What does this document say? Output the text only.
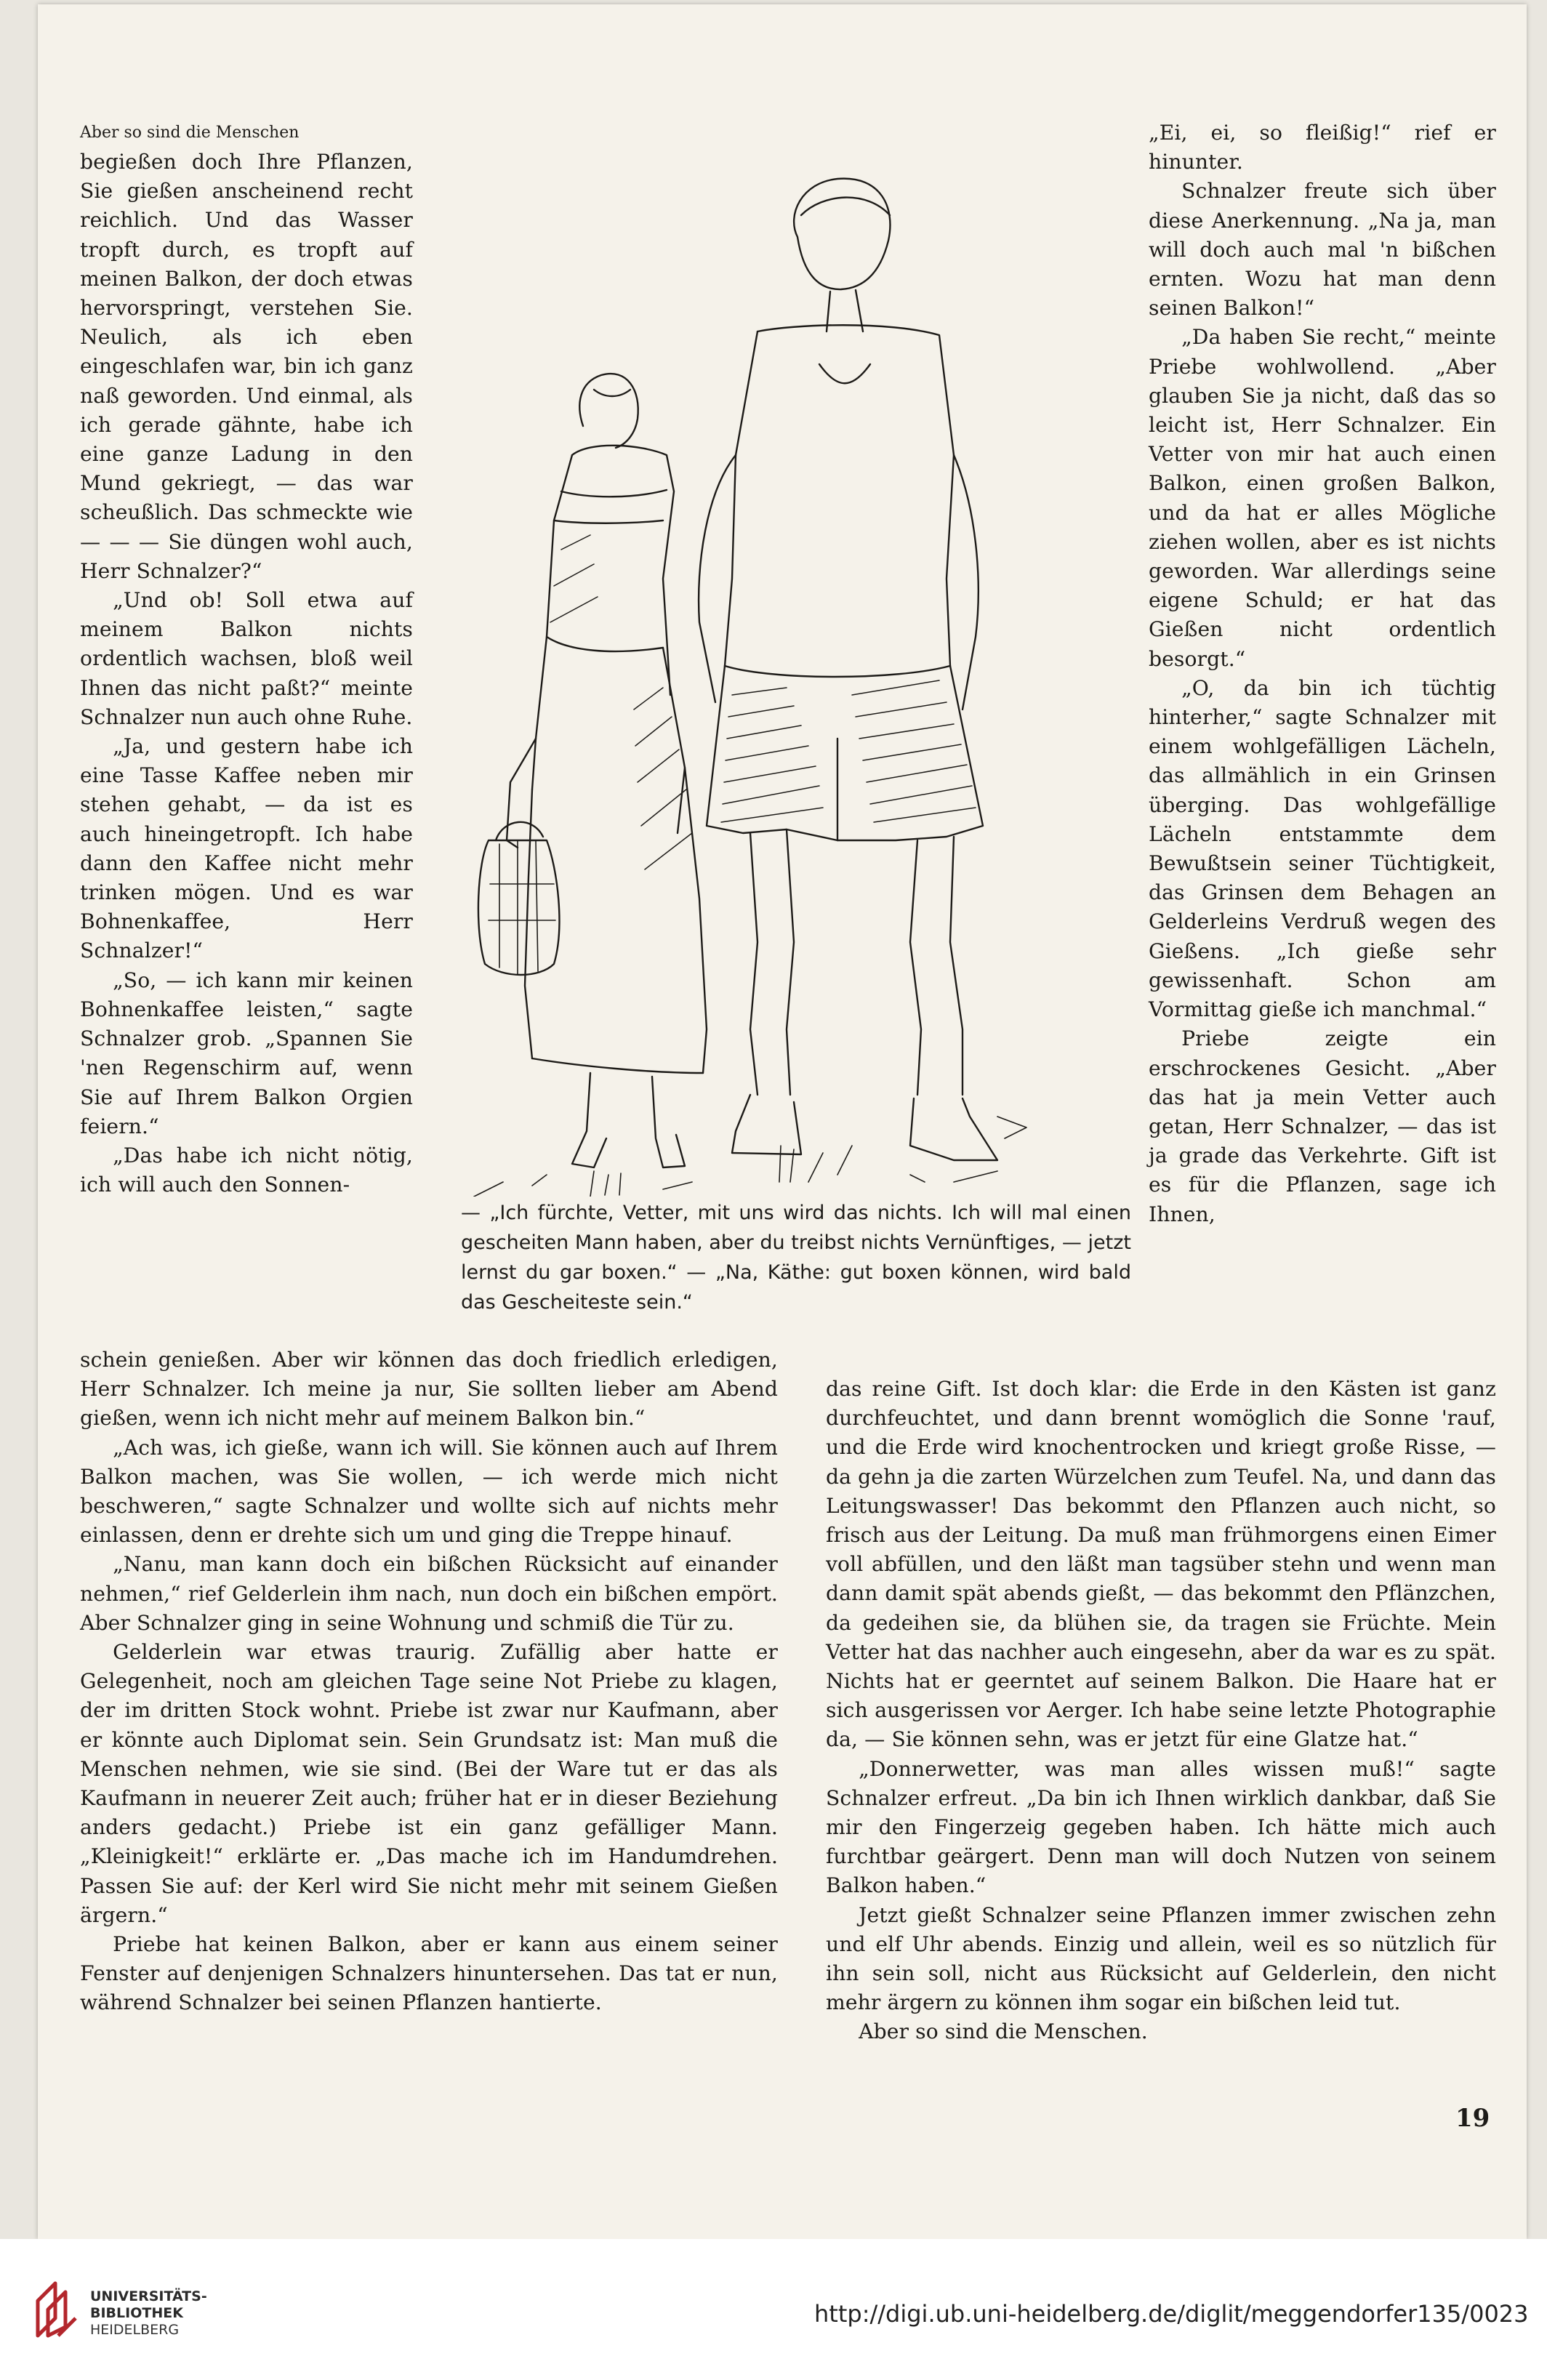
Aber so sind die Menschen

begießen doch Ihre Pflanzen, Sie gießen anscheinend recht reichlich. Und das Wasser tropft durch, es tropft auf meinen Balkon, der doch etwas hervorspringt, verstehen Sie. Neulich, als ich eben eingeschlafen war, bin ich ganz naß geworden. Und einmal, als ich gerade gähnte, habe ich eine ganze Ladung in den Mund gekriegt, — das war scheußlich. Das schmeckte wie — — — Sie düngen wohl auch, Herr Schnalzer?“

„Und ob! Soll etwa auf meinem Balkon nichts ordentlich wachsen, bloß weil Ihnen das nicht paßt?“ meinte Schnalzer nun auch ohne Ruhe.

„Ja, und gestern habe ich eine Tasse Kaffee neben mir stehen gehabt, — da ist es auch hineingetropft. Ich habe dann den Kaffee nicht mehr trinken mögen. Und es war Bohnenkaffee, Herr Schnalzer!“

„So, — ich kann mir keinen Bohnenkaffee leisten,“ sagte Schnalzer grob. „Spannen Sie 'nen Regenschirm auf, wenn Sie auf Ihrem Balkon Orgien feiern.“

„Das habe ich nicht nötig, ich will auch den Sonnen-

— „Ich fürchte, Vetter, mit uns wird das nichts. Ich will mal einen gescheiten Mann haben, aber du treibst nichts Vernünftiges, — jetzt lernst du gar boxen.“ — „Na, Käthe: gut boxen können, wird bald das Gescheiteste sein.“

„Ei, ei, so fleißig!“ rief er hinunter.

Schnalzer freute sich über diese Anerkennung. „Na ja, man will doch auch mal 'n bißchen ernten. Wozu hat man denn seinen Balkon!“

„Da haben Sie recht,“ meinte Priebe wohlwollend. „Aber glauben Sie ja nicht, daß das so leicht ist, Herr Schnalzer. Ein Vetter von mir hat auch einen Balkon, einen großen Balkon, und da hat er alles Mögliche ziehen wollen, aber es ist nichts geworden. War allerdings seine eigene Schuld; er hat das Gießen nicht ordentlich besorgt.“

„O, da bin ich tüchtig hinterher,“ sagte Schnalzer mit einem wohlgefälligen Lächeln, das allmählich in ein Grinsen überging. Das wohlgefällige Lächeln entstammte dem Bewußtsein seiner Tüchtigkeit, das Grinsen dem Behagen an Gelderleins Verdruß wegen des Gießens. „Ich gieße sehr gewissenhaft. Schon am Vormittag gieße ich manchmal.“

Priebe zeigte ein erschrockenes Gesicht. „Aber das hat ja mein Vetter auch getan, Herr Schnalzer, — das ist ja grade das Verkehrte. Gift ist es für die Pflanzen, sage ich Ihnen,

schein genießen. Aber wir können das doch friedlich erledigen, Herr Schnalzer. Ich meine ja nur, Sie sollten lieber am Abend gießen, wenn ich nicht mehr auf meinem Balkon bin.“

„Ach was, ich gieße, wann ich will. Sie können auch auf Ihrem Balkon machen, was Sie wollen, — ich werde mich nicht beschweren,“ sagte Schnalzer und wollte sich auf nichts mehr einlassen, denn er drehte sich um und ging die Treppe hinauf.

„Nanu, man kann doch ein bißchen Rücksicht auf einander nehmen,“ rief Gelderlein ihm nach, nun doch ein bißchen empört. Aber Schnalzer ging in seine Wohnung und schmiß die Tür zu.

Gelderlein war etwas traurig. Zufällig aber hatte er Gelegenheit, noch am gleichen Tage seine Not Priebe zu klagen, der im dritten Stock wohnt. Priebe ist zwar nur Kaufmann, aber er könnte auch Diplomat sein. Sein Grundsatz ist: Man muß die Menschen nehmen, wie sie sind. (Bei der Ware tut er das als Kaufmann in neuerer Zeit auch; früher hat er in dieser Beziehung anders gedacht.) Priebe ist ein ganz gefälliger Mann. „Kleinigkeit!“ erklärte er. „Das mache ich im Handumdrehen. Passen Sie auf: der Kerl wird Sie nicht mehr mit seinem Gießen ärgern.“

Priebe hat keinen Balkon, aber er kann aus einem seiner Fenster auf denjenigen Schnalzers hinuntersehen. Das tat er nun, während Schnalzer bei seinen Pflanzen hantierte.

das reine Gift. Ist doch klar: die Erde in den Kästen ist ganz durchfeuchtet, und dann brennt womöglich die Sonne 'rauf, und die Erde wird knochentrocken und kriegt große Risse, — da gehn ja die zarten Würzelchen zum Teufel. Na, und dann das Leitungswasser! Das bekommt den Pflanzen auch nicht, so frisch aus der Leitung. Da muß man frühmorgens einen Eimer voll abfüllen, und den läßt man tagsüber stehn und wenn man dann damit spät abends gießt, — das bekommt den Pflänzchen, da gedeihen sie, da blühen sie, da tragen sie Früchte. Mein Vetter hat das nachher auch eingesehn, aber da war es zu spät. Nichts hat er geerntet auf seinem Balkon. Die Haare hat er sich ausgerissen vor Aerger. Ich habe seine letzte Photographie da, — Sie können sehn, was er jetzt für eine Glatze hat.“

„Donnerwetter, was man alles wissen muß!“ sagte Schnalzer erfreut. „Da bin ich Ihnen wirklich dankbar, daß Sie mir den Fingerzeig gegeben haben. Ich hätte mich auch furchtbar geärgert. Denn man will doch Nutzen von seinem Balkon haben.“

Jetzt gießt Schnalzer seine Pflanzen immer zwischen zehn und elf Uhr abends. Einzig und allein, weil es so nützlich für ihn sein soll, nicht aus Rücksicht auf Gelderlein, den nicht mehr ärgern zu können ihm sogar ein bißchen leid tut.

Aber so sind die Menschen.

19
UNIVERSITÄTS-
BIBLIOTHEK
HEIDELBERG
http://digi.ub.uni-heidelberg.de/diglit/meggendorfer135/0023
